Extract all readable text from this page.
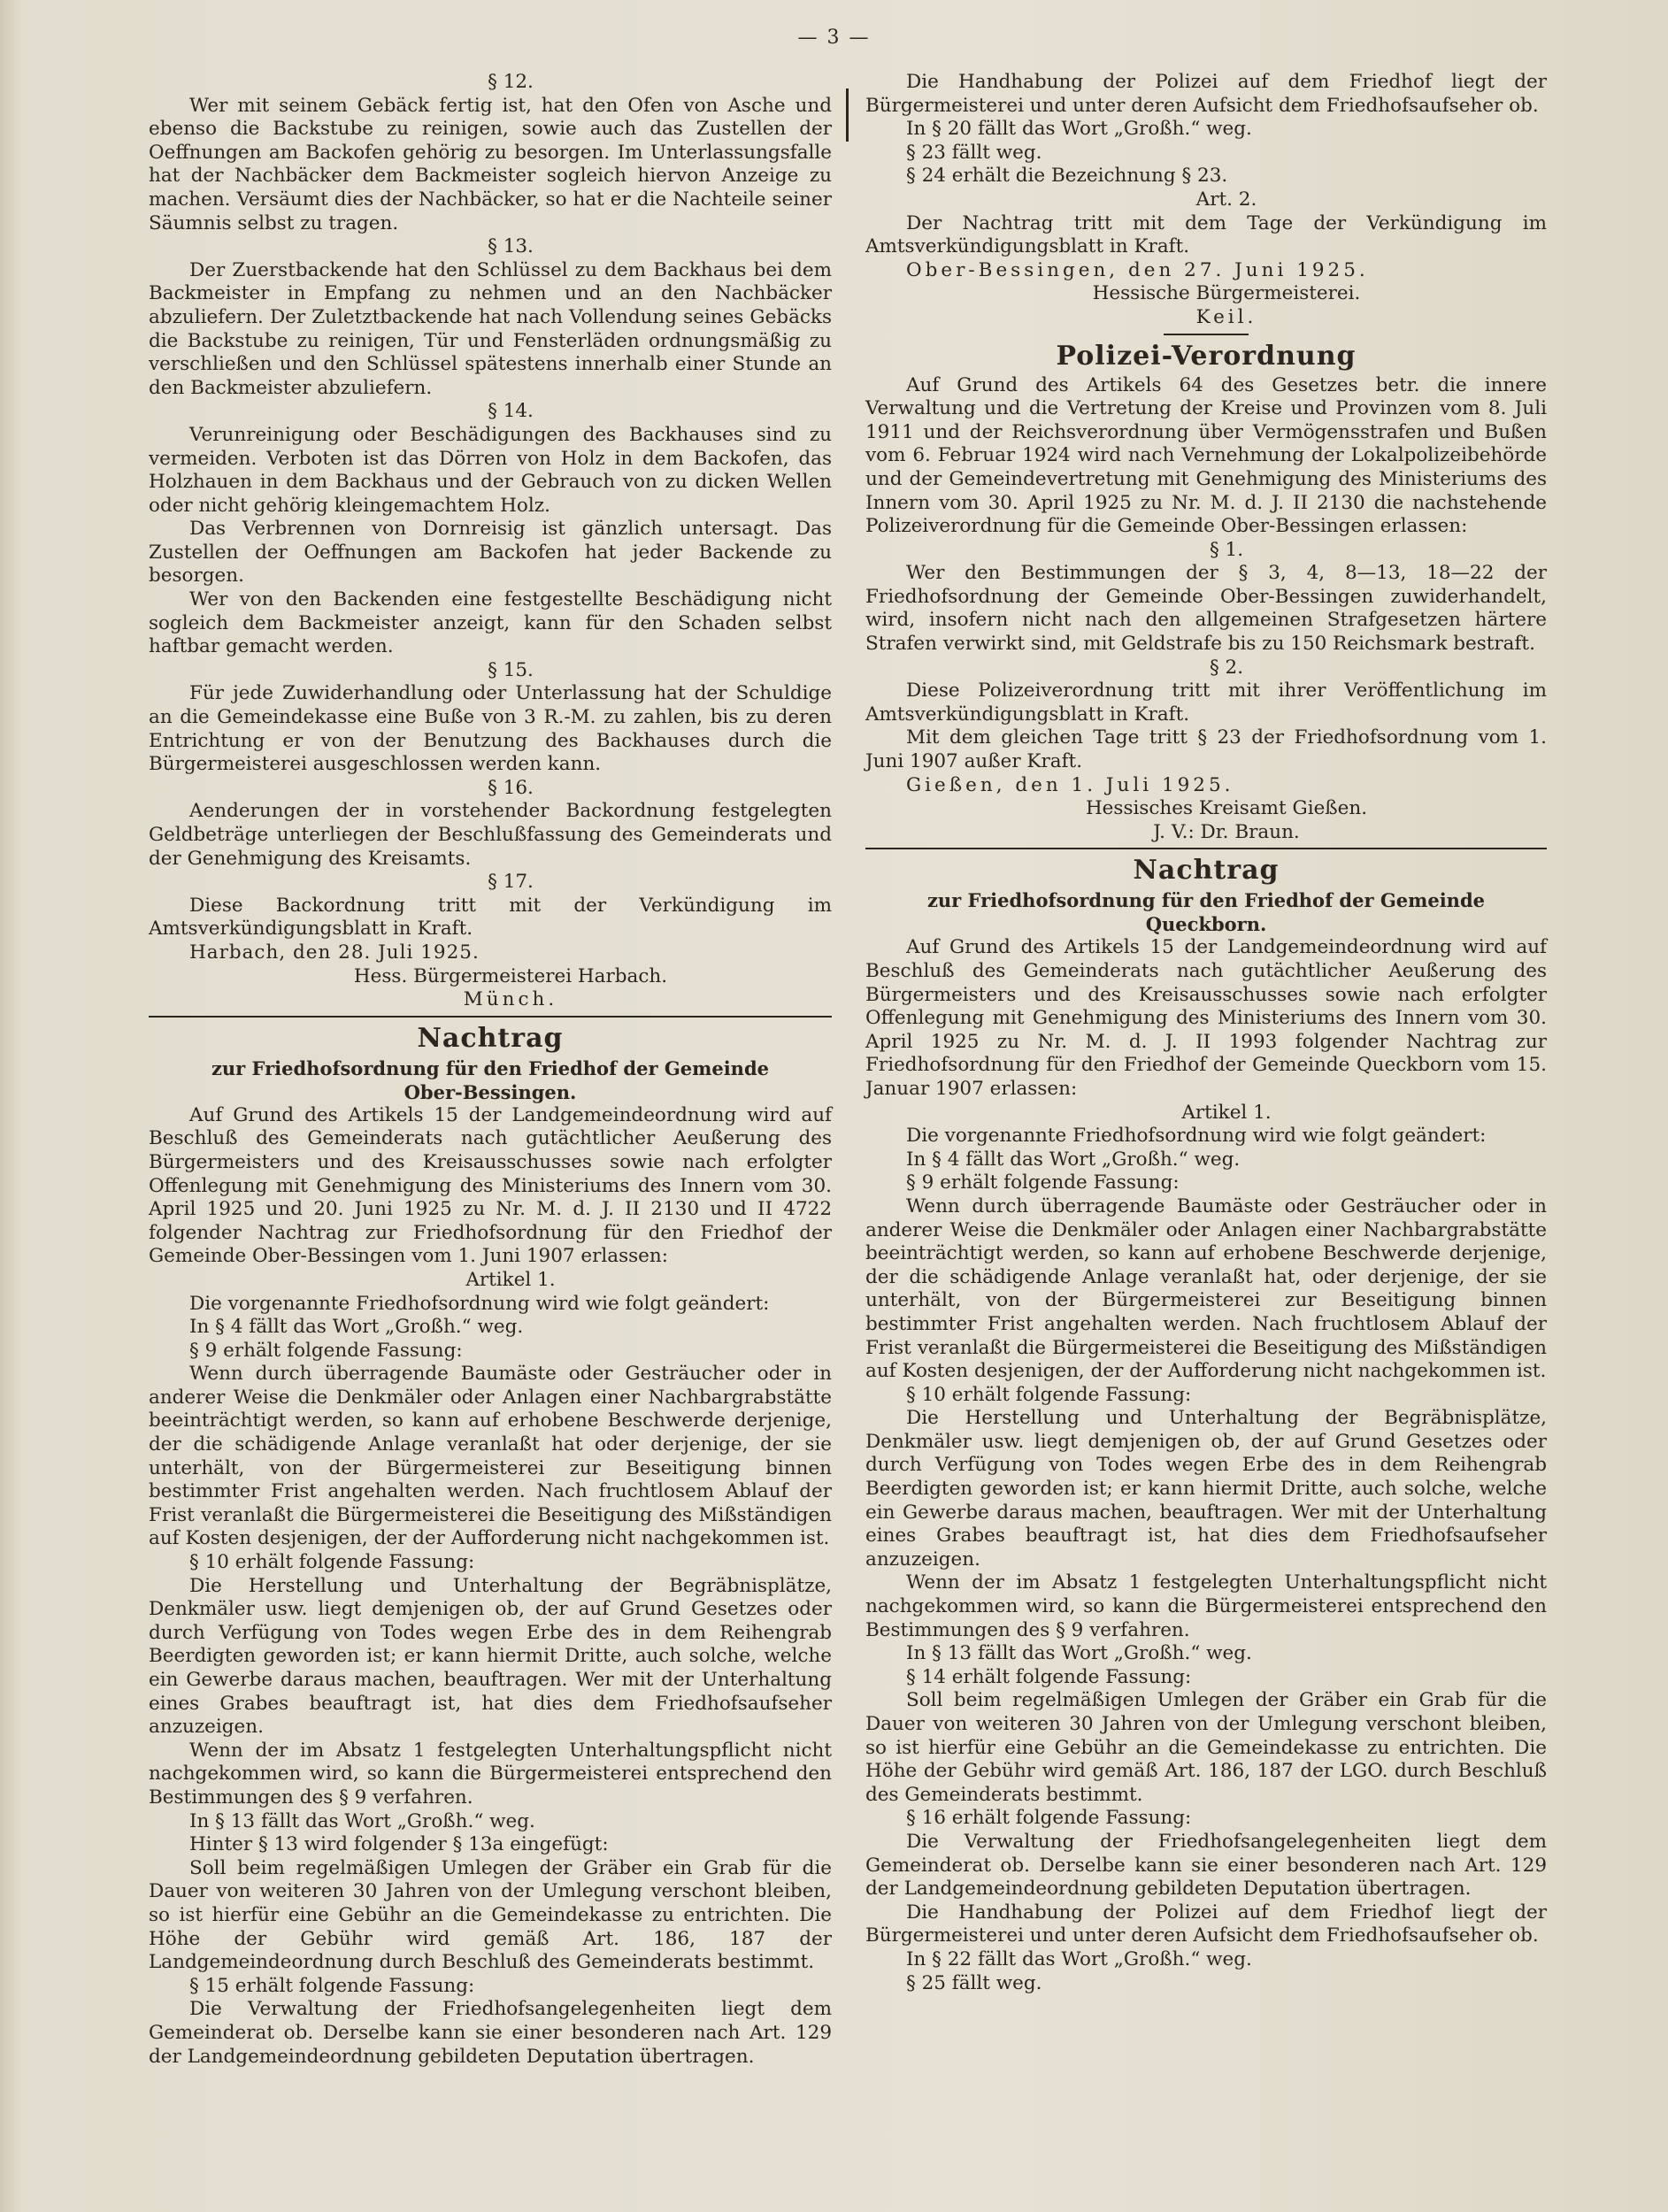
— 3 —

§ 12.

Wer mit seinem Gebäck fertig ist, hat den Ofen von Asche und ebenso die Backstube zu reinigen, sowie auch das Zustellen der Oeffnungen am Backofen gehörig zu besorgen. Im Unterlassungsfalle hat der Nachbäcker dem Backmeister sogleich hiervon Anzeige zu machen. Versäumt dies der Nachbäcker, so hat er die Nachteile seiner Säumnis selbst zu tragen.

§ 13.

Der Zuerstbackende hat den Schlüssel zu dem Backhaus bei dem Backmeister in Empfang zu nehmen und an den Nachbäcker abzuliefern. Der Zuletztbackende hat nach Vollendung seines Gebäcks die Backstube zu reinigen, Tür und Fensterläden ordnungsmäßig zu verschließen und den Schlüssel spätestens innerhalb einer Stunde an den Backmeister abzuliefern.

§ 14.

Verunreinigung oder Beschädigungen des Backhauses sind zu vermeiden. Verboten ist das Dörren von Holz in dem Backofen, das Holzhauen in dem Backhaus und der Gebrauch von zu dicken Wellen oder nicht gehörig kleingemachtem Holz.

Das Verbrennen von Dornreisig ist gänzlich untersagt. Das Zustellen der Oeffnungen am Backofen hat jeder Backende zu besorgen.

Wer von den Backenden eine festgestellte Beschädigung nicht sogleich dem Backmeister anzeigt, kann für den Schaden selbst haftbar gemacht werden.

§ 15.

Für jede Zuwiderhandlung oder Unterlassung hat der Schuldige an die Gemeindekasse eine Buße von 3 R.-M. zu zahlen, bis zu deren Entrichtung er von der Benutzung des Backhauses durch die Bürgermeisterei ausgeschlossen werden kann.

§ 16.

Aenderungen der in vorstehender Backordnung festgelegten Geldbeträge unterliegen der Beschlußfassung des Gemeinderats und der Genehmigung des Kreisamts.

§ 17.

Diese Backordnung tritt mit der Verkündigung im Amtsverkündigungsblatt in Kraft.

Harbach, den 28. Juli 1925.

Hess. Bürgermeisterei Harbach.

Münch.

Nachtrag
zur Friedhofsordnung für den Friedhof der Gemeinde Ober-Bessingen.

Auf Grund des Artikels 15 der Landgemeindeordnung wird auf Beschluß des Gemeinderats nach gutächtlicher Aeußerung des Bürgermeisters und des Kreisausschusses sowie nach erfolgter Offenlegung mit Genehmigung des Ministeriums des Innern vom 30. April 1925 und 20. Juni 1925 zu Nr. M. d. J. II 2130 und II 4722 folgender Nachtrag zur Friedhofsordnung für den Friedhof der Gemeinde Ober-Bessingen vom 1. Juni 1907 erlassen:

Artikel 1.

Die vorgenannte Friedhofsordnung wird wie folgt geändert:

In § 4 fällt das Wort „Großh.“ weg.

§ 9 erhält folgende Fassung:

Wenn durch überragende Baumäste oder Gesträucher oder in anderer Weise die Denkmäler oder Anlagen einer Nachbargrabstätte beeinträchtigt werden, so kann auf erhobene Beschwerde derjenige, der die schädigende Anlage veranlaßt hat oder derjenige, der sie unterhält, von der Bürgermeisterei zur Beseitigung binnen bestimmter Frist angehalten werden. Nach fruchtlosem Ablauf der Frist veranlaßt die Bürgermeisterei die Beseitigung des Mißständigen auf Kosten desjenigen, der der Aufforderung nicht nachgekommen ist.

§ 10 erhält folgende Fassung:

Die Herstellung und Unterhaltung der Begräbnisplätze, Denkmäler usw. liegt demjenigen ob, der auf Grund Gesetzes oder durch Verfügung von Todes wegen Erbe des in dem Reihengrab Beerdigten geworden ist; er kann hiermit Dritte, auch solche, welche ein Gewerbe daraus machen, beauftragen. Wer mit der Unterhaltung eines Grabes beauftragt ist, hat dies dem Friedhofsaufseher anzuzeigen.

Wenn der im Absatz 1 festgelegten Unterhaltungspflicht nicht nachgekommen wird, so kann die Bürgermeisterei entsprechend den Bestimmungen des § 9 verfahren.

In § 13 fällt das Wort „Großh.“ weg.

Hinter § 13 wird folgender § 13a eingefügt:

Soll beim regelmäßigen Umlegen der Gräber ein Grab für die Dauer von weiteren 30 Jahren von der Umlegung verschont bleiben, so ist hierfür eine Gebühr an die Gemeindekasse zu entrichten. Die Höhe der Gebühr wird gemäß Art. 186, 187 der Landgemeindeordnung durch Beschluß des Gemeinderats bestimmt.

§ 15 erhält folgende Fassung:

Die Verwaltung der Friedhofsangelegenheiten liegt dem Gemeinderat ob. Derselbe kann sie einer besonderen nach Art. 129 der Landgemeindeordnung gebildeten Deputation übertragen.

Die Handhabung der Polizei auf dem Friedhof liegt der Bürgermeisterei und unter deren Aufsicht dem Friedhofsaufseher ob.

In § 20 fällt das Wort „Großh.“ weg.

§ 23 fällt weg.

§ 24 erhält die Bezeichnung § 23.

Art. 2.

Der Nachtrag tritt mit dem Tage der Verkündigung im Amtsverkündigungsblatt in Kraft.

Ober-Bessingen, den 27. Juni 1925.

Hessische Bürgermeisterei.

Keil.

Polizei-Verordnung

Auf Grund des Artikels 64 des Gesetzes betr. die innere Verwaltung und die Vertretung der Kreise und Provinzen vom 8. Juli 1911 und der Reichsverordnung über Vermögensstrafen und Bußen vom 6. Februar 1924 wird nach Vernehmung der Lokalpolizeibehörde und der Gemeindevertretung mit Genehmigung des Ministeriums des Innern vom 30. April 1925 zu Nr. M. d. J. II 2130 die nachstehende Polizeiverordnung für die Gemeinde Ober-Bessingen erlassen:

§ 1.

Wer den Bestimmungen der § 3, 4, 8—13, 18—22 der Friedhofsordnung der Gemeinde Ober-Bessingen zuwiderhandelt, wird, insofern nicht nach den allgemeinen Strafgesetzen härtere Strafen verwirkt sind, mit Geldstrafe bis zu 150 Reichsmark bestraft.

§ 2.

Diese Polizeiverordnung tritt mit ihrer Veröffentlichung im Amtsverkündigungsblatt in Kraft.

Mit dem gleichen Tage tritt § 23 der Friedhofsordnung vom 1. Juni 1907 außer Kraft.

Gießen, den 1. Juli 1925.

Hessisches Kreisamt Gießen.

J. V.: Dr. Braun.

Nachtrag
zur Friedhofsordnung für den Friedhof der Gemeinde Queckborn.

Auf Grund des Artikels 15 der Landgemeindeordnung wird auf Beschluß des Gemeinderats nach gutächtlicher Aeußerung des Bürgermeisters und des Kreisausschusses sowie nach erfolgter Offenlegung mit Genehmigung des Ministeriums des Innern vom 30. April 1925 zu Nr. M. d. J. II 1993 folgender Nachtrag zur Friedhofsordnung für den Friedhof der Gemeinde Queckborn vom 15. Januar 1907 erlassen:

Artikel 1.

Die vorgenannte Friedhofsordnung wird wie folgt geändert:

In § 4 fällt das Wort „Großh.“ weg.

§ 9 erhält folgende Fassung:

Wenn durch überragende Baumäste oder Gesträucher oder in anderer Weise die Denkmäler oder Anlagen einer Nachbargrabstätte beeinträchtigt werden, so kann auf erhobene Beschwerde derjenige, der die schädigende Anlage veranlaßt hat, oder derjenige, der sie unterhält, von der Bürgermeisterei zur Beseitigung binnen bestimmter Frist angehalten werden. Nach fruchtlosem Ablauf der Frist veranlaßt die Bürgermeisterei die Beseitigung des Mißständigen auf Kosten desjenigen, der der Aufforderung nicht nachgekommen ist.

§ 10 erhält folgende Fassung:

Die Herstellung und Unterhaltung der Begräbnisplätze, Denkmäler usw. liegt demjenigen ob, der auf Grund Gesetzes oder durch Verfügung von Todes wegen Erbe des in dem Reihengrab Beerdigten geworden ist; er kann hiermit Dritte, auch solche, welche ein Gewerbe daraus machen, beauftragen. Wer mit der Unterhaltung eines Grabes beauftragt ist, hat dies dem Friedhofsaufseher anzuzeigen.

Wenn der im Absatz 1 festgelegten Unterhaltungspflicht nicht nachgekommen wird, so kann die Bürgermeisterei entsprechend den Bestimmungen des § 9 verfahren.

In § 13 fällt das Wort „Großh.“ weg.

§ 14 erhält folgende Fassung:

Soll beim regelmäßigen Umlegen der Gräber ein Grab für die Dauer von weiteren 30 Jahren von der Umlegung verschont bleiben, so ist hierfür eine Gebühr an die Gemeindekasse zu entrichten. Die Höhe der Gebühr wird gemäß Art. 186, 187 der LGO. durch Beschluß des Gemeinderats bestimmt.

§ 16 erhält folgende Fassung:

Die Verwaltung der Friedhofsangelegenheiten liegt dem Gemeinderat ob. Derselbe kann sie einer besonderen nach Art. 129 der Landgemeindeordnung gebildeten Deputation übertragen.

Die Handhabung der Polizei auf dem Friedhof liegt der Bürgermeisterei und unter deren Aufsicht dem Friedhofsaufseher ob.

In § 22 fällt das Wort „Großh.“ weg.

§ 25 fällt weg.
